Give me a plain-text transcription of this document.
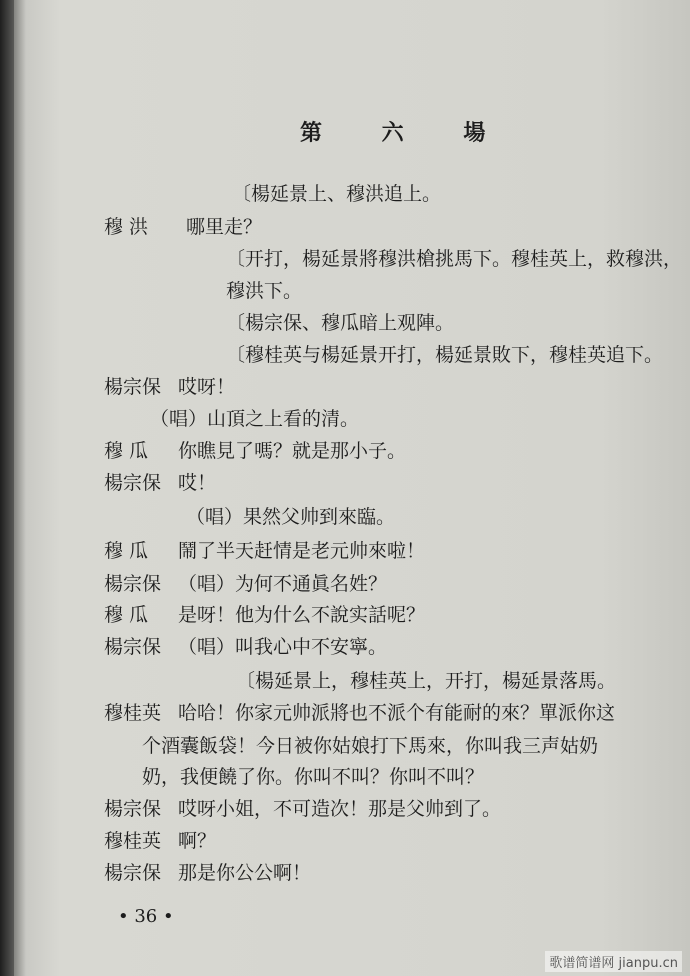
第 六 場
〔楊延景上、穆洪追上。
穆 洪 哪里走？
〔开打，楊延景將穆洪槍挑馬下。穆桂英上，救穆洪，
穆洪下。
〔楊宗保、穆瓜暗上观陣。
〔穆桂英与楊延景开打，楊延景敗下，穆桂英追下。
楊宗保 哎呀！
（唱）山頂之上看的清。
穆 瓜 你瞧見了嗎？就是那小子。
楊宗保 哎！
（唱）果然父帅到來臨。
穆 瓜 鬧了半天赶情是老元帅來啦！
楊宗保 （唱）为何不通眞名姓？
穆 瓜 是呀！他为什么不說实話呢？
楊宗保 （唱）叫我心中不安寧。
〔楊延景上，穆桂英上，开打，楊延景落馬。
穆桂英 哈哈！你家元帅派將也不派个有能耐的來？單派你这
个酒囊飯袋！今日被你姑娘打下馬來，你叫我三声姑奶
奶，我便饒了你。你叫不叫？你叫不叫？
楊宗保 哎呀小姐，不可造次！那是父帅到了。
穆桂英 啊？
楊宗保 那是你公公啊！
• 36 •
歌谱简谱网 jianpu.cn
